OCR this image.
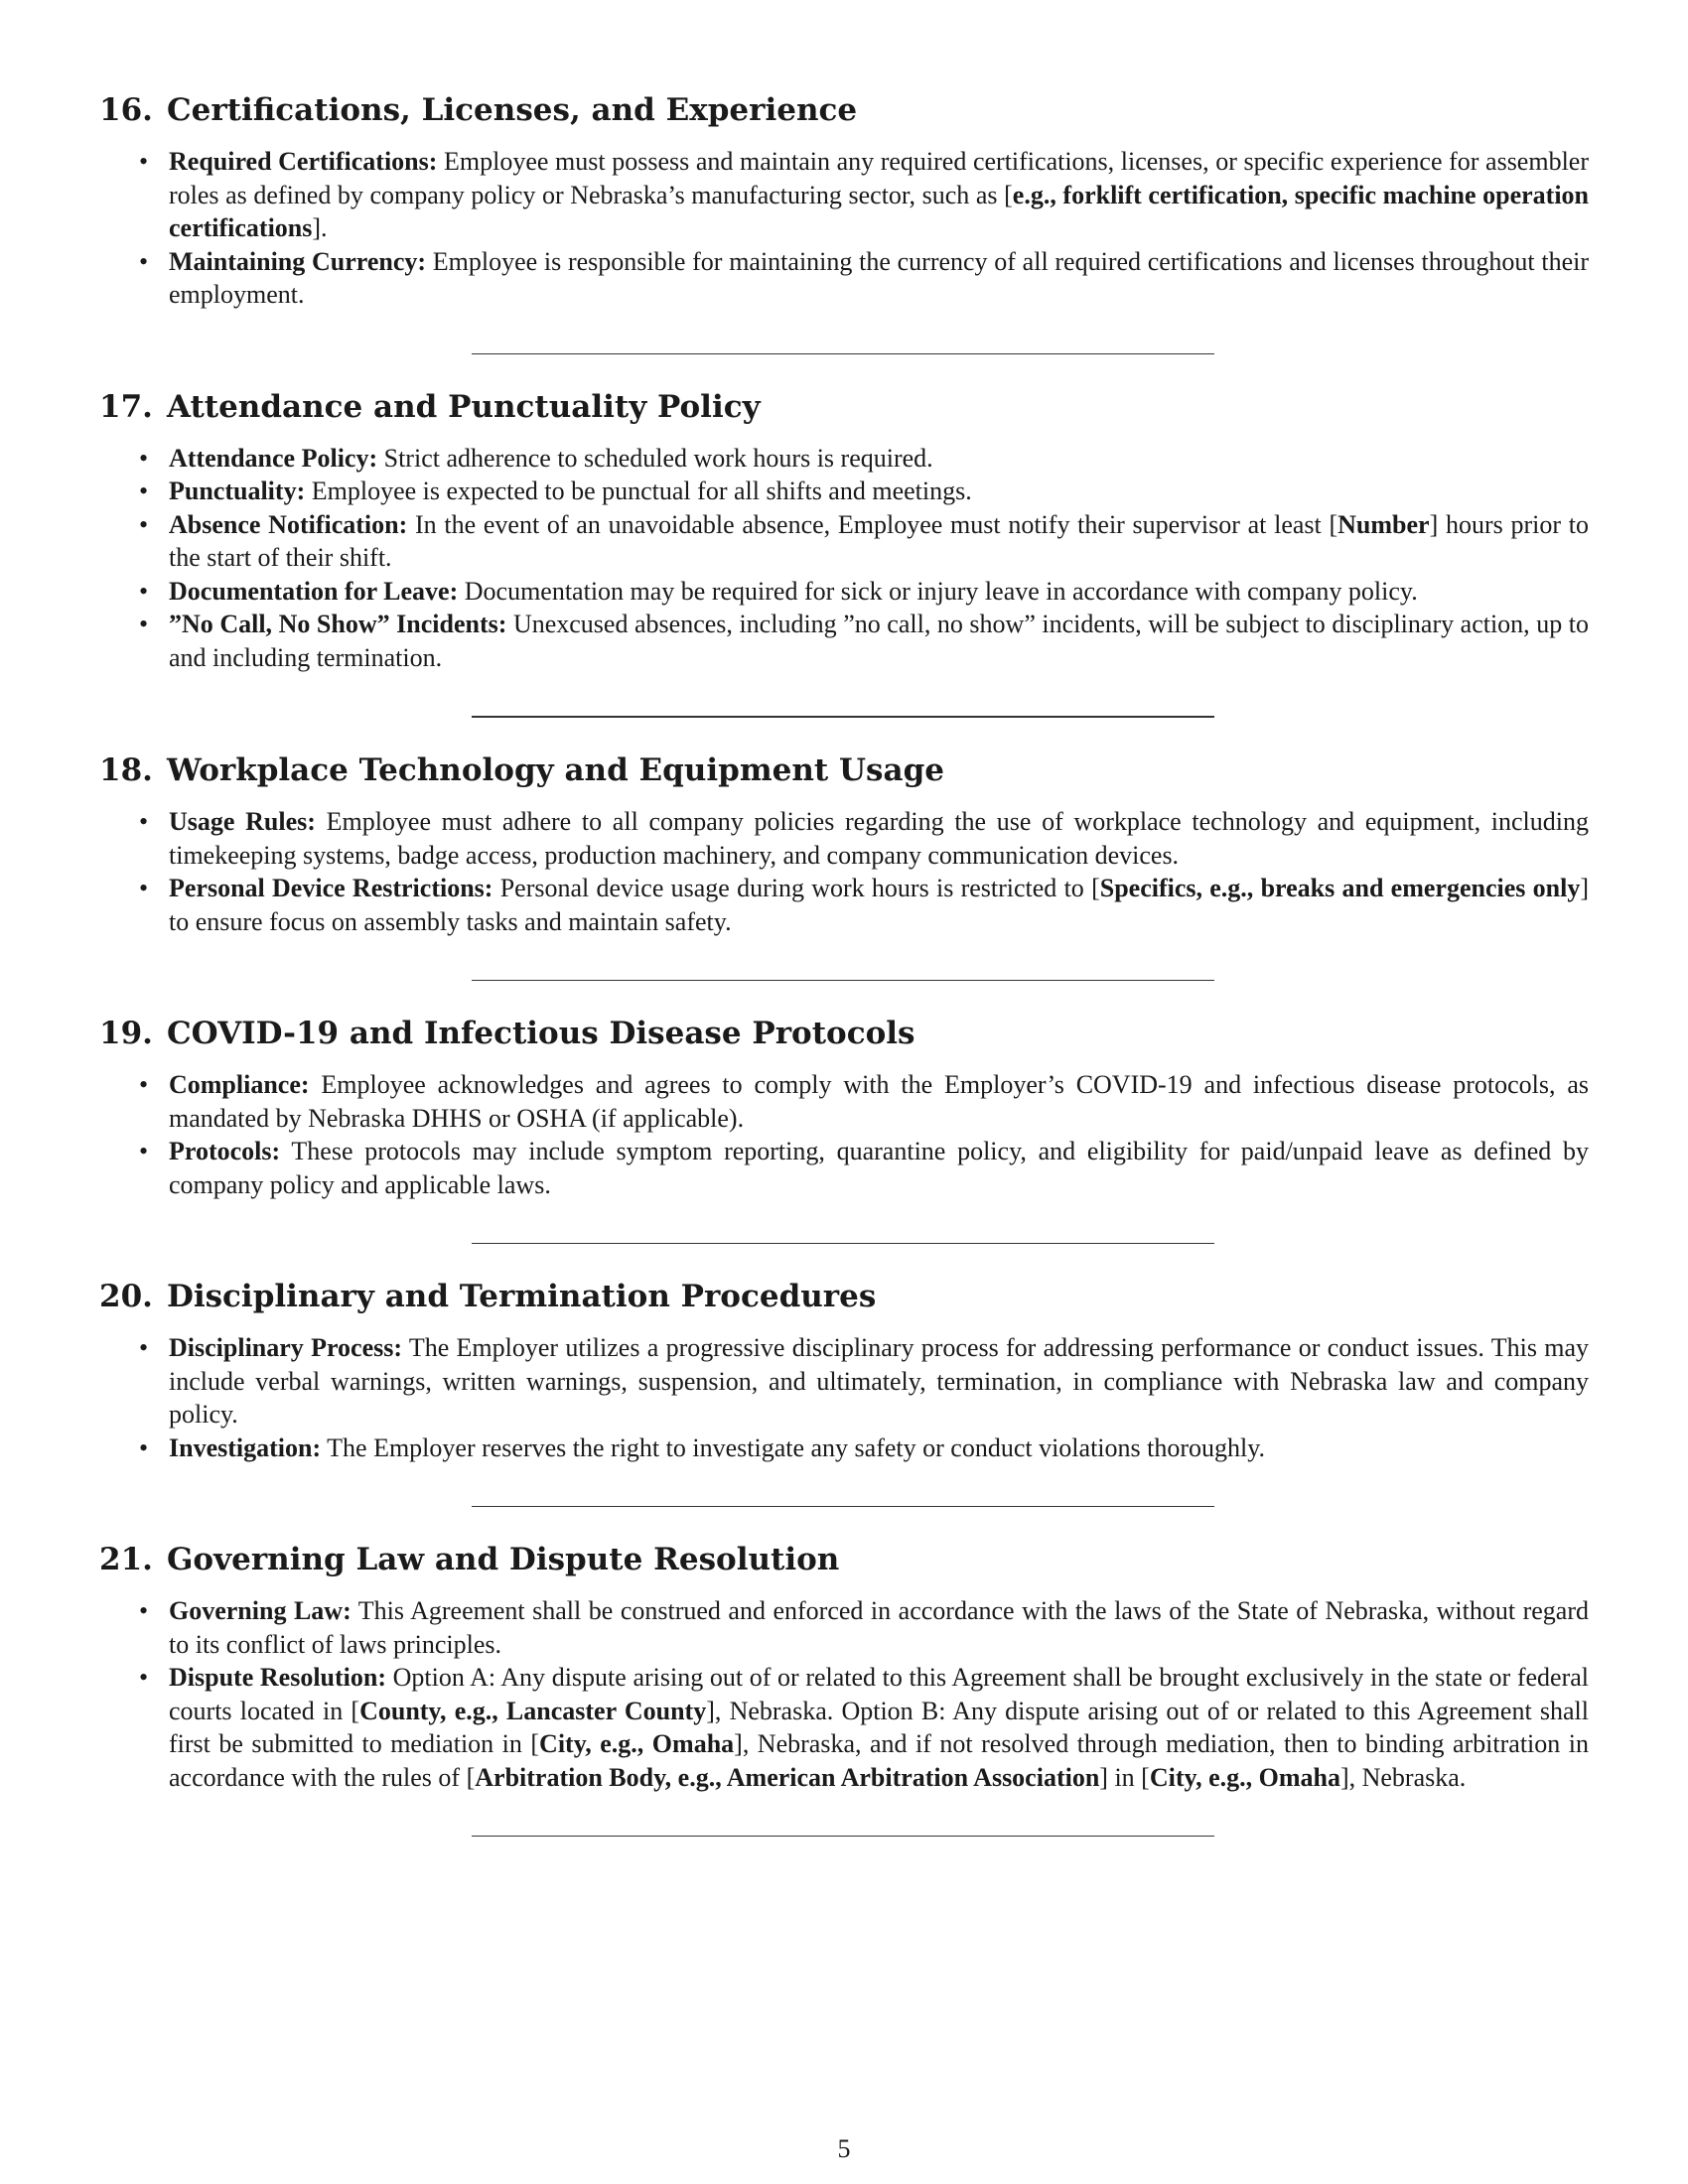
16. Certifications, Licenses, and Experience
• Required Certifications: Employee must possess and maintain any required certifications, licenses, or specific experience for assembler roles as defined by company policy or Nebraska’s manufacturing sector, such as [e.g., forklift certification, specific machine operation certifications].
• Maintaining Currency: Employee is responsible for maintaining the currency of all required certifications and licenses throughout their employment.
17. Attendance and Punctuality Policy
• Attendance Policy: Strict adherence to scheduled work hours is required.
• Punctuality: Employee is expected to be punctual for all shifts and meetings.
• Absence Notification: In the event of an unavoidable absence, Employee must notify their supervisor at least [Number] hours prior to the start of their shift.
• Documentation for Leave: Documentation may be required for sick or injury leave in accordance with company policy.
• ”No Call, No Show” Incidents: Unexcused absences, including ”no call, no show” incidents, will be subject to disciplinary action, up to and including termination.
18. Workplace Technology and Equipment Usage
• Usage Rules: Employee must adhere to all company policies regarding the use of workplace technology and equipment, including timekeeping systems, badge access, production machinery, and company communication devices.
• Personal Device Restrictions: Personal device usage during work hours is restricted to [Specifics, e.g., breaks and emergencies only] to ensure focus on assembly tasks and maintain safety.
19. COVID-19 and Infectious Disease Protocols
• Compliance: Employee acknowledges and agrees to comply with the Employer’s COVID-19 and infectious disease protocols, as mandated by Nebraska DHHS or OSHA (if applicable).
• Protocols: These protocols may include symptom reporting, quarantine policy, and eligibility for paid/unpaid leave as defined by company policy and applicable laws.
20. Disciplinary and Termination Procedures
• Disciplinary Process: The Employer utilizes a progressive disciplinary process for addressing performance or conduct issues. This may include verbal warnings, written warnings, suspension, and ultimately, termination, in compliance with Nebraska law and company policy.
• Investigation: The Employer reserves the right to investigate any safety or conduct violations thoroughly.
21. Governing Law and Dispute Resolution
• Governing Law: This Agreement shall be construed and enforced in accordance with the laws of the State of Nebraska, without regard to its conflict of laws principles.
• Dispute Resolution: Option A: Any dispute arising out of or related to this Agreement shall be brought exclusively in the state or federal courts located in [County, e.g., Lancaster County], Nebraska. Option B: Any dispute arising out of or related to this Agreement shall first be submitted to mediation in [City, e.g., Omaha], Nebraska, and if not resolved through mediation, then to binding arbitration in accordance with the rules of [Arbitration Body, e.g., American Arbitration Association] in [City, e.g., Omaha], Nebraska.
5
